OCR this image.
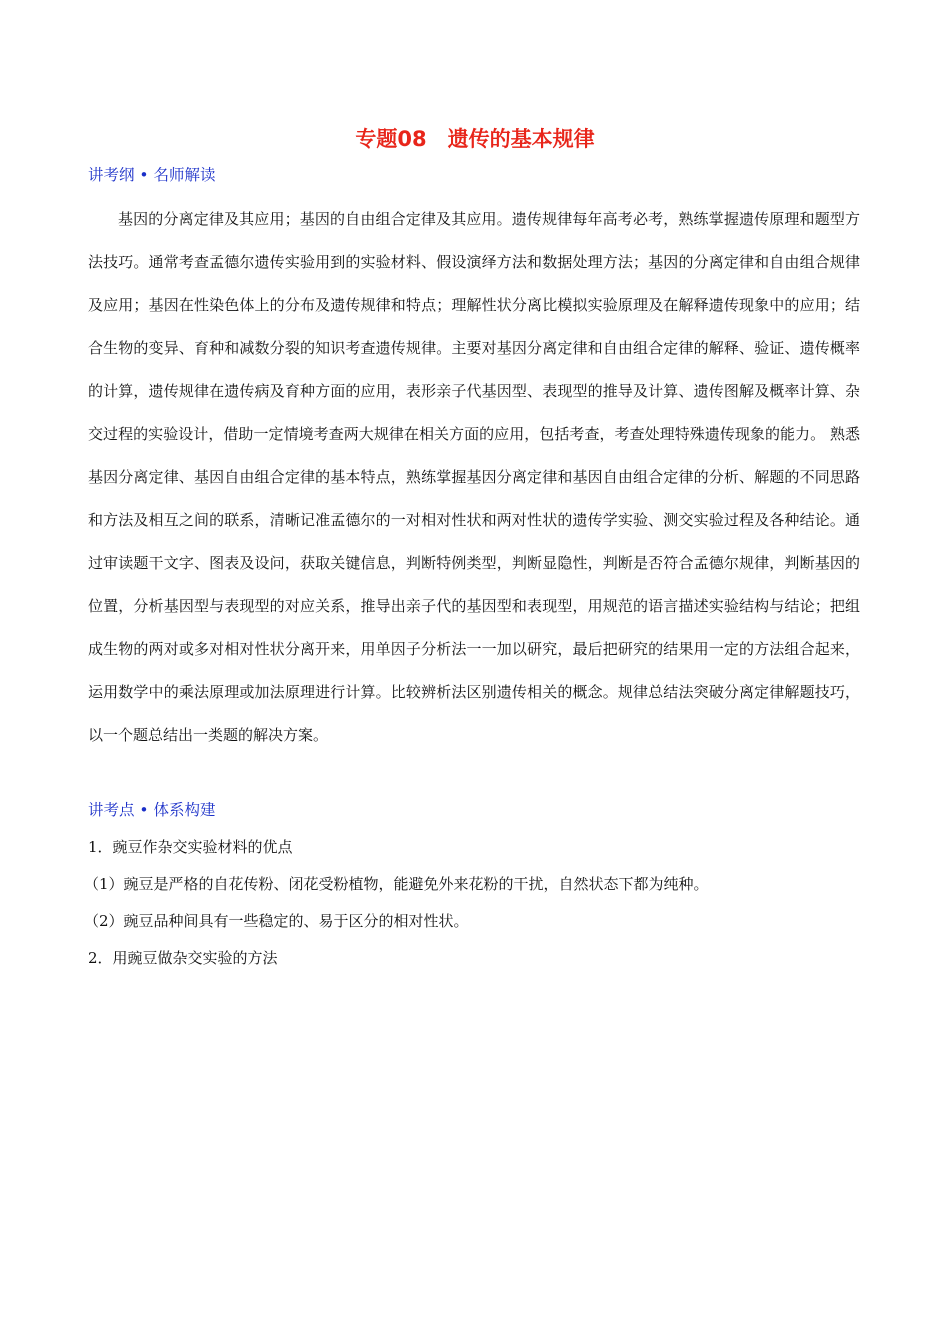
专题08　遗传的基本规律
讲考纲 • 名师解读

基因的分离定律及其应用；基因的自由组合定律及其应用。遗传规律每年高考必考，熟练掌握遗传原理和题型方法技巧。通常考查孟德尔遗传实验用到的实验材料、假设演绎方法和数据处理方法；基因的分离定律和自由组合规律及应用；基因在性染色体上的分布及遗传规律和特点；理解性状分离比模拟实验原理及在解释遗传现象中的应用；结合生物的变异、育种和减数分裂的知识考查遗传规律。主要对基因分离定律和自由组合定律的解释、验证、遗传概率的计算，遗传规律在遗传病及育种方面的应用，表形亲子代基因型、表现型的推导及计算、遗传图解及概率计算、杂交过程的实验设计，借助一定情境考查两大规律在相关方面的应用，包括考查，考查处理特殊遗传现象的能力。 熟悉基因分离定律、基因自由组合定律的基本特点，熟练掌握基因分离定律和基因自由组合定律的分析、解题的不同思路和方法及相互之间的联系，清晰记准孟德尔的一对相对性状和两对性状的遗传学实验、测交实验过程及各种结论。通过审读题干文字、图表及设问，获取关键信息，判断特例类型，判断显隐性，判断是否符合孟德尔规律，判断基因的位置，分析基因型与表现型的对应关系，推导出亲子代的基因型和表现型，用规范的语言描述实验结构与结论；把组成生物的两对或多对相对性状分离开来，用单因子分析法一一加以研究，最后把研究的结果用一定的方法组合起来，运用数学中的乘法原理或加法原理进行计算。比较辨析法区别遗传相关的概念。规律总结法突破分离定律解题技巧，以一个题总结出一类题的解决方案。

讲考点 • 体系构建
1．豌豆作杂交实验材料的优点
（1）豌豆是严格的自花传粉、闭花受粉植物，能避免外来花粉的干扰，自然状态下都为纯种。
（2）豌豆品种间具有一些稳定的、易于区分的相对性状。
2．用豌豆做杂交实验的方法
